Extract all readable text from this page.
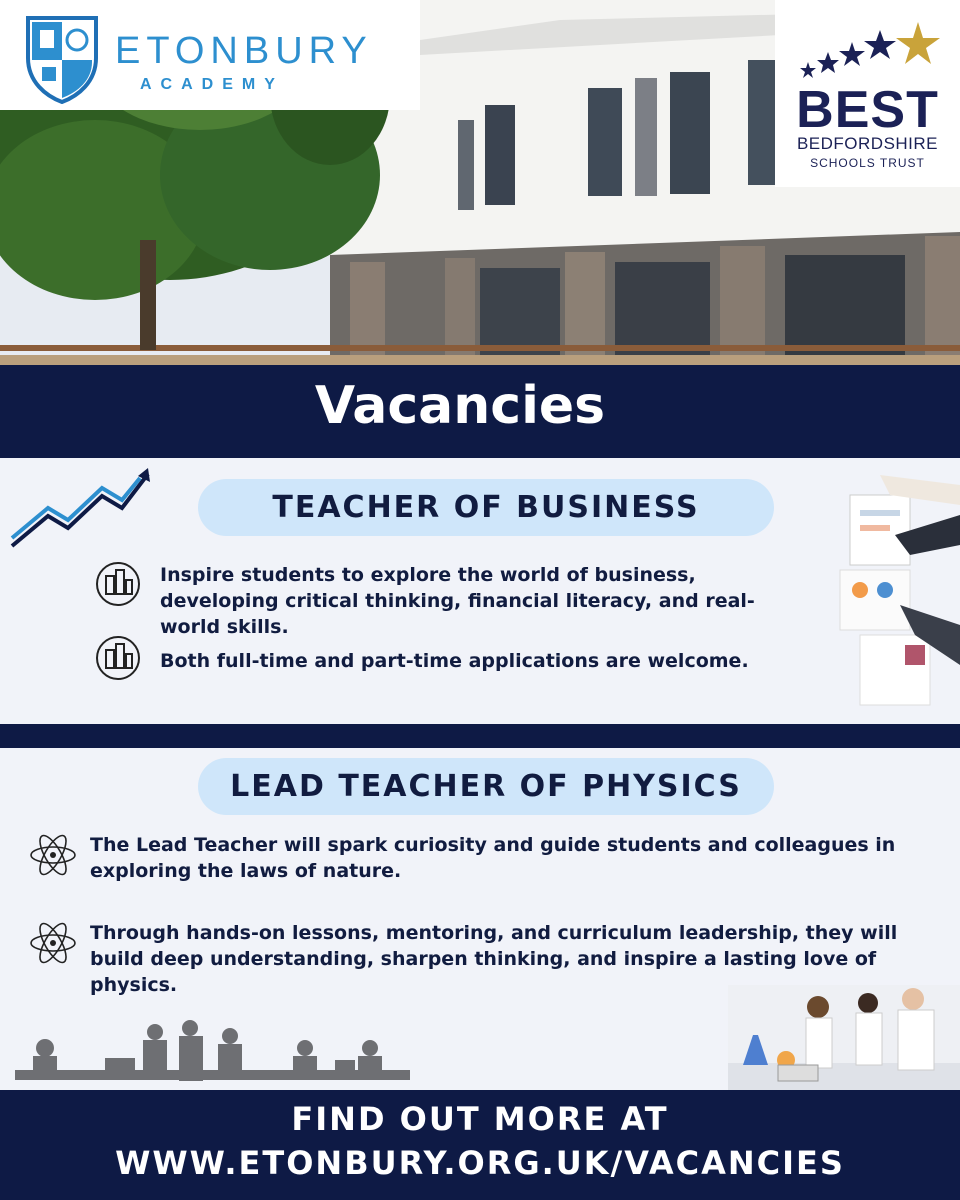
ETONBURY
ACADEMY	BEST
BEDFORDSHIRE
SCHOOLS TRUST
Vacancies
TEACHER OF BUSINESS
Inspire students to explore the world of business, developing critical thinking, financial literacy, and real-world skills.
Both full-time and part-time applications are welcome.
LEAD TEACHER OF PHYSICS
The Lead Teacher will spark curiosity and guide students and colleagues in exploring the laws of nature.
Through hands-on lessons, mentoring, and curriculum leadership, they will build deep understanding, sharpen thinking, and inspire a lasting love of physics.
FIND OUT MORE AT
WWW.ETONBURY.ORG.UK/VACANCIES
